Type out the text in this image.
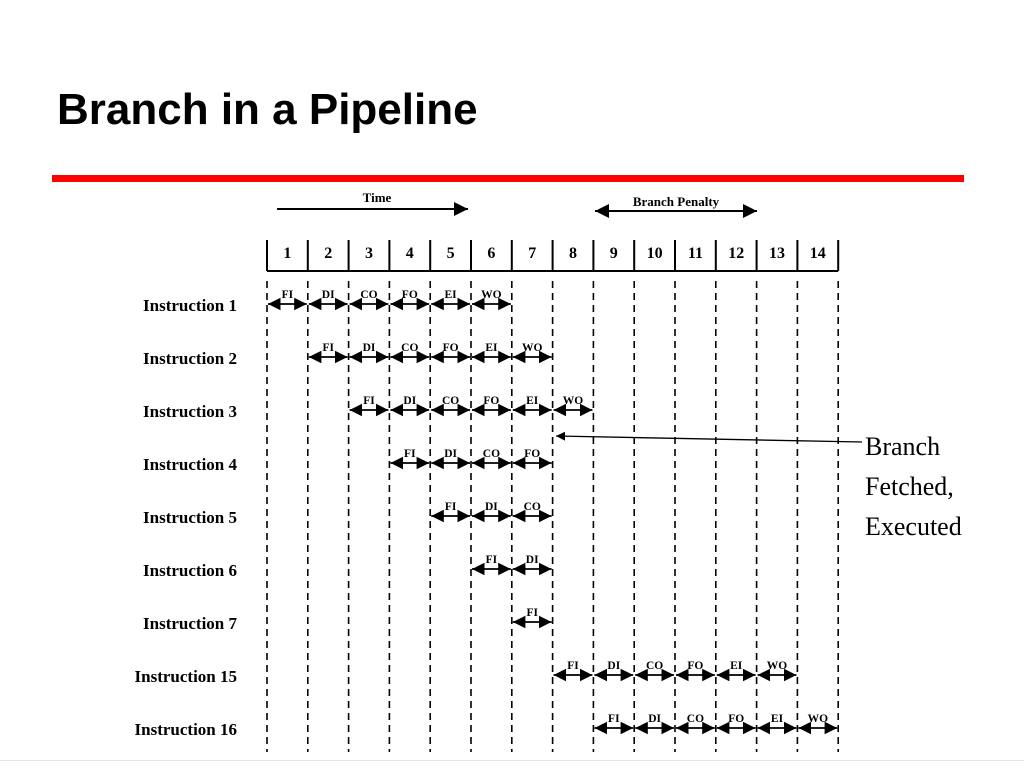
Branch in a Pipeline
Time	Branch Penalty
1 2 3 4 5 6 7 8 9 10 11 12 13 14
Instruction 1
FI DI CO FO EI WO
Instruction 2
FI DI CO FO EI WO
Instruction 3
FI DI CO FO EI WO
Instruction 4
FI DI CO FO
Instruction 5
FI DI CO
Instruction 6
FI DI
Instruction 7
FI
Instruction 15
FI DI CO FO EI WO
Instruction 16
FI DI CO FO EI WO
Branch
Fetched,
Executed
